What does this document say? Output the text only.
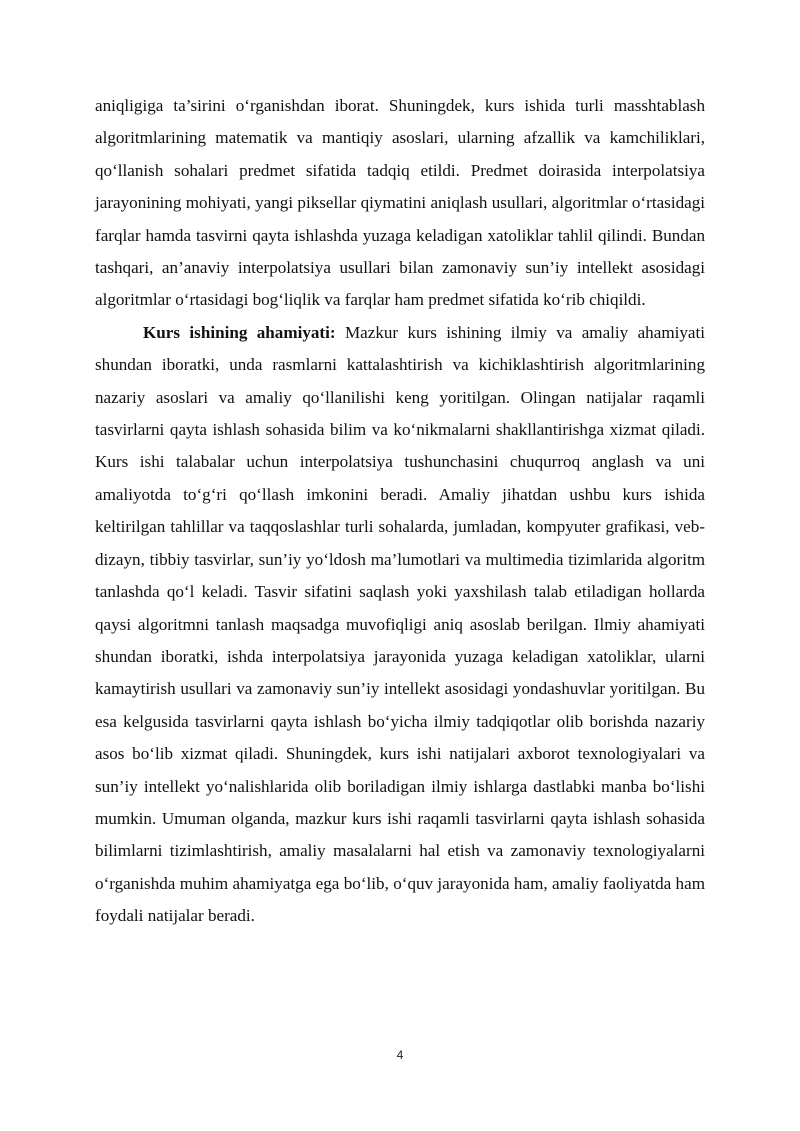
aniqligiga ta’sirini o‘rganishdan iborat. Shuningdek, kurs ishida turli masshtablash algoritmlarining matematik va mantiqiy asoslari, ularning afzallik va kamchiliklari, qo‘llanish sohalari predmet sifatida tadqiq etildi. Predmet doirasida interpolatsiya jarayonining mohiyati, yangi piksellar qiymatini aniqlash usullari, algoritmlar o‘rtasidagi farqlar hamda tasvirni qayta ishlashda yuzaga keladigan xatoliklar tahlil qilindi. Bundan tashqari, an’anaviy interpolatsiya usullari bilan zamonaviy sun’iy intellekt asosidagi algoritmlar o‘rtasidagi bog‘liqlik va farqlar ham predmet sifatida ko‘rib chiqildi.

Kurs ishining ahamiyati: Mazkur kurs ishining ilmiy va amaliy ahamiyati shundan iboratki, unda rasmlarni kattalashtirish va kichiklashtirish algoritmlarining nazariy asoslari va amaliy qo‘llanilishi keng yoritilgan. Olingan natijalar raqamli tasvirlarni qayta ishlash sohasida bilim va ko‘nikmalarni shakllantirishga xizmat qiladi. Kurs ishi talabalar uchun interpolatsiya tushunchasini chuqurroq anglash va uni amaliyotda to‘g‘ri qo‘llash imkonini beradi. Amaliy jihatdan ushbu kurs ishida keltirilgan tahlillar va taqqoslashlar turli sohalarda, jumladan, kompyuter grafikasi, veb-dizayn, tibbiy tasvirlar, sun’iy yo‘ldosh ma’lumotlari va multimedia tizimlarida algoritm tanlashda qo‘l keladi. Tasvir sifatini saqlash yoki yaxshilash talab etiladigan hollarda qaysi algoritmni tanlash maqsadga muvofiqligi aniq asoslab berilgan. Ilmiy ahamiyati shundan iboratki, ishda interpolatsiya jarayonida yuzaga keladigan xatoliklar, ularni kamaytirish usullari va zamonaviy sun’iy intellekt asosidagi yondashuvlar yoritilgan. Bu esa kelgusida tasvirlarni qayta ishlash bo‘yicha ilmiy tadqiqotlar olib borishda nazariy asos bo‘lib xizmat qiladi. Shuningdek, kurs ishi natijalari axborot texnologiyalari va sun’iy intellekt yo‘nalishlarida olib boriladigan ilmiy ishlarga dastlabki manba bo‘lishi mumkin. Umuman olganda, mazkur kurs ishi raqamli tasvirlarni qayta ishlash sohasida bilimlarni tizimlashtirish, amaliy masalalarni hal etish va zamonaviy texnologiyalarni o‘rganishda muhim ahamiyatga ega bo‘lib, o‘quv jarayonida ham, amaliy faoliyatda ham foydali natijalar beradi.

4
